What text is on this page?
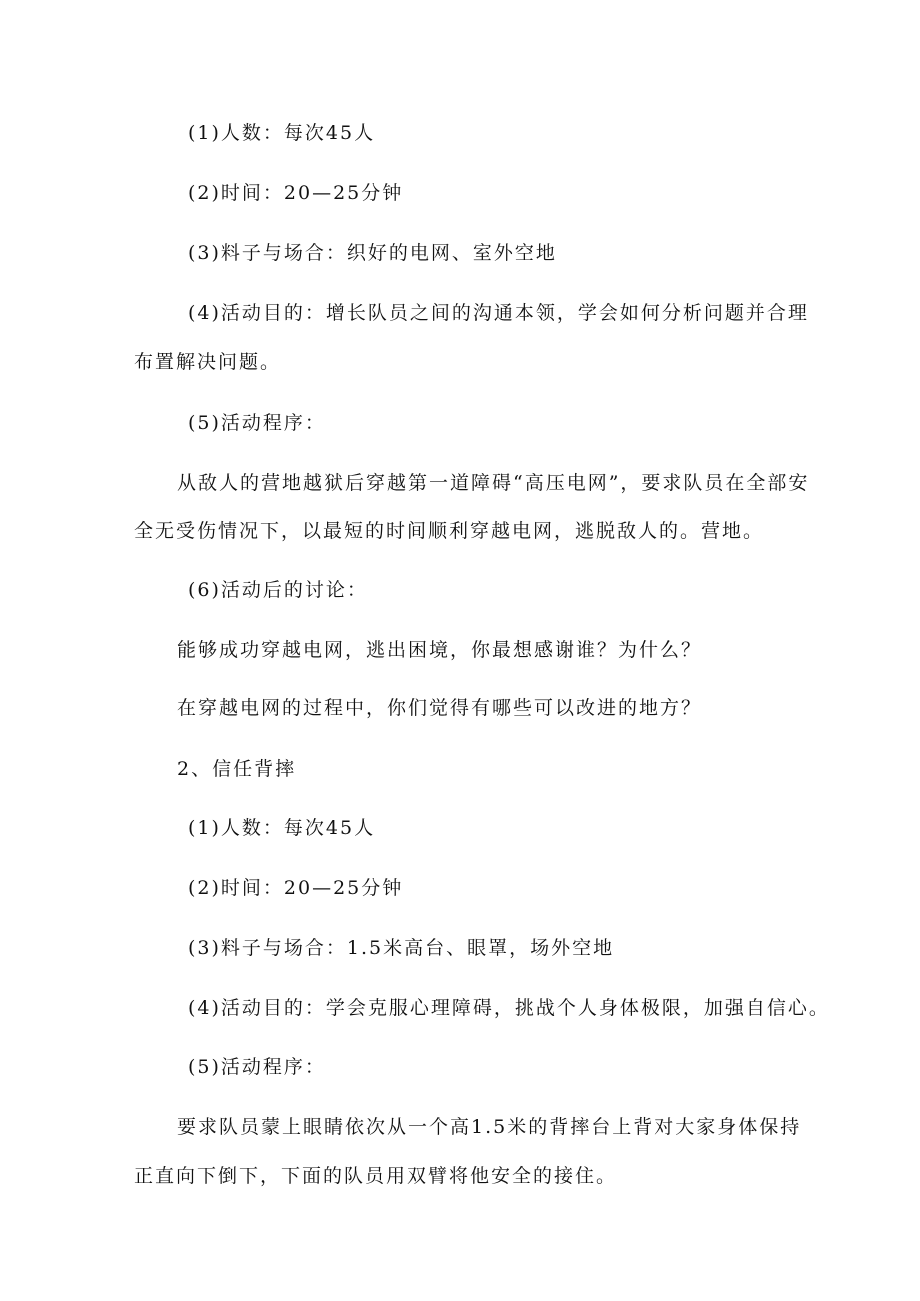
(1)人数：每次45人

(2)时间：20—25分钟

(3)料子与场合：织好的电网、室外空地

(4)活动目的：增长队员之间的沟通本领，学会如何分析问题并合理

布置解决问题。

(5)活动程序：

从敌人的营地越狱后穿越第一道障碍“高压电网”，要求队员在全部安

全无受伤情况下，以最短的时间顺利穿越电网，逃脱敌人的。营地。

(6)活动后的讨论：

能够成功穿越电网，逃出困境，你最想感谢谁？为什么？

在穿越电网的过程中，你们觉得有哪些可以改进的地方？

2、信任背摔

(1)人数：每次45人

(2)时间：20—25分钟

(3)料子与场合：1.5米高台、眼罩，场外空地

(4)活动目的：学会克服心理障碍，挑战个人身体极限，加强自信心。

(5)活动程序：

要求队员蒙上眼睛依次从一个高1.5米的背摔台上背对大家身体保持

正直向下倒下，下面的队员用双臂将他安全的接住。
